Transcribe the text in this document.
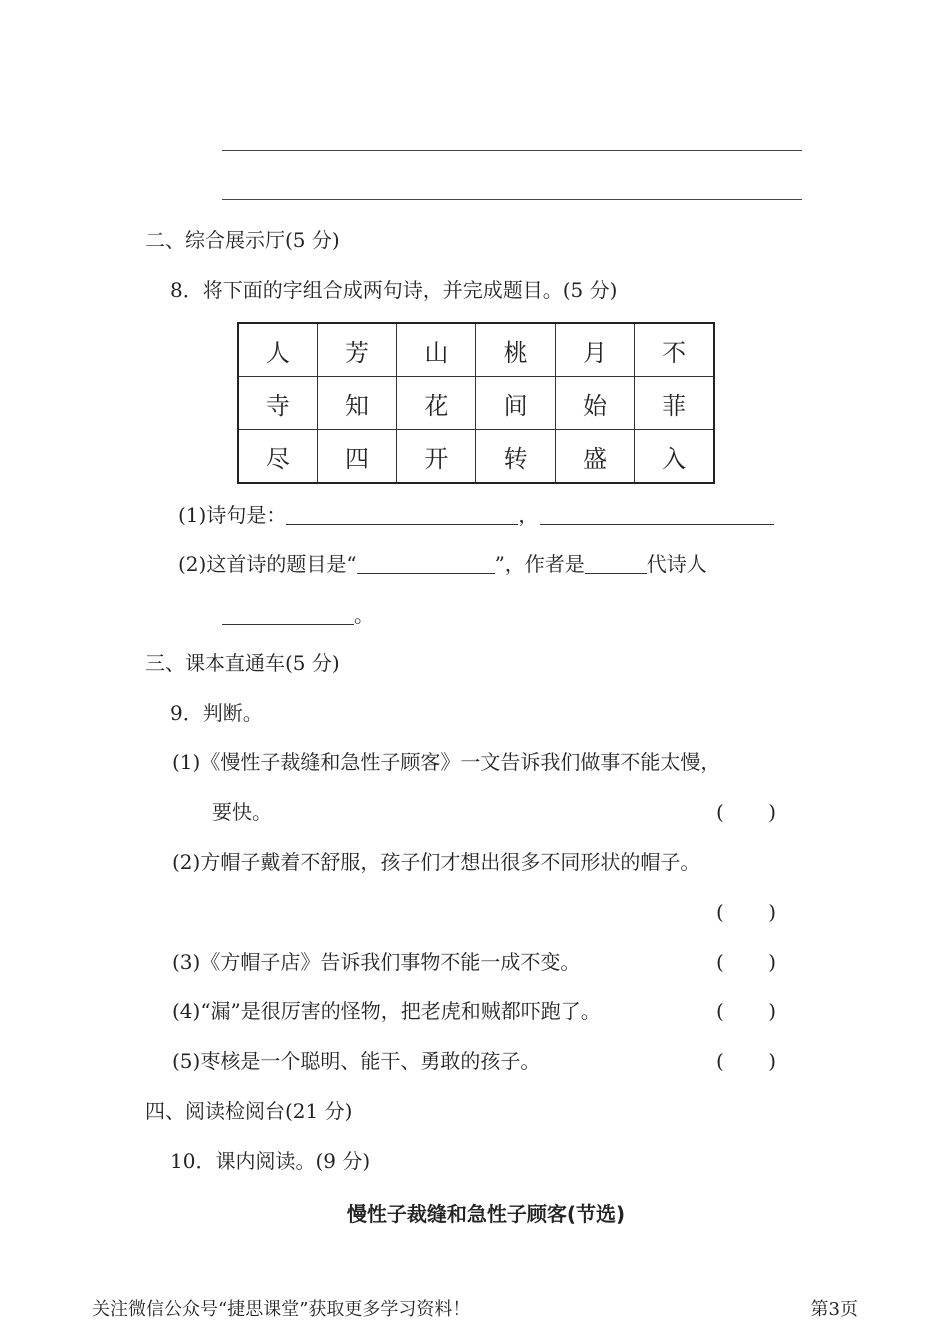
二、综合展示厅(5 分)
8．将下面的字组合成两句诗，并完成题目。(5 分)
人	芳	山	桃	月	不
寺	知	花	间	始	菲
尽	四	开	转	盛	入
(1)诗句是：	，
(2)这首诗的题目是“	”，作者是	代诗人
。
三、课本直通车(5 分)
9．判断。
(1)《慢性子裁缝和急性子顾客》一文告诉我们做事不能太慢，
要快。	( )
(2)方帽子戴着不舒服，孩子们才想出很多不同形状的帽子。
( )
(3)《方帽子店》告诉我们事物不能一成不变。	( )
(4)“漏”是很厉害的怪物，把老虎和贼都吓跑了。	( )
(5)枣核是一个聪明、能干、勇敢的孩子。	( )
四、阅读检阅台(21 分)
10．课内阅读。(9 分)
慢性子裁缝和急性子顾客(节选)
关注微信公众号“捷思课堂”获取更多学习资料！	第3页
